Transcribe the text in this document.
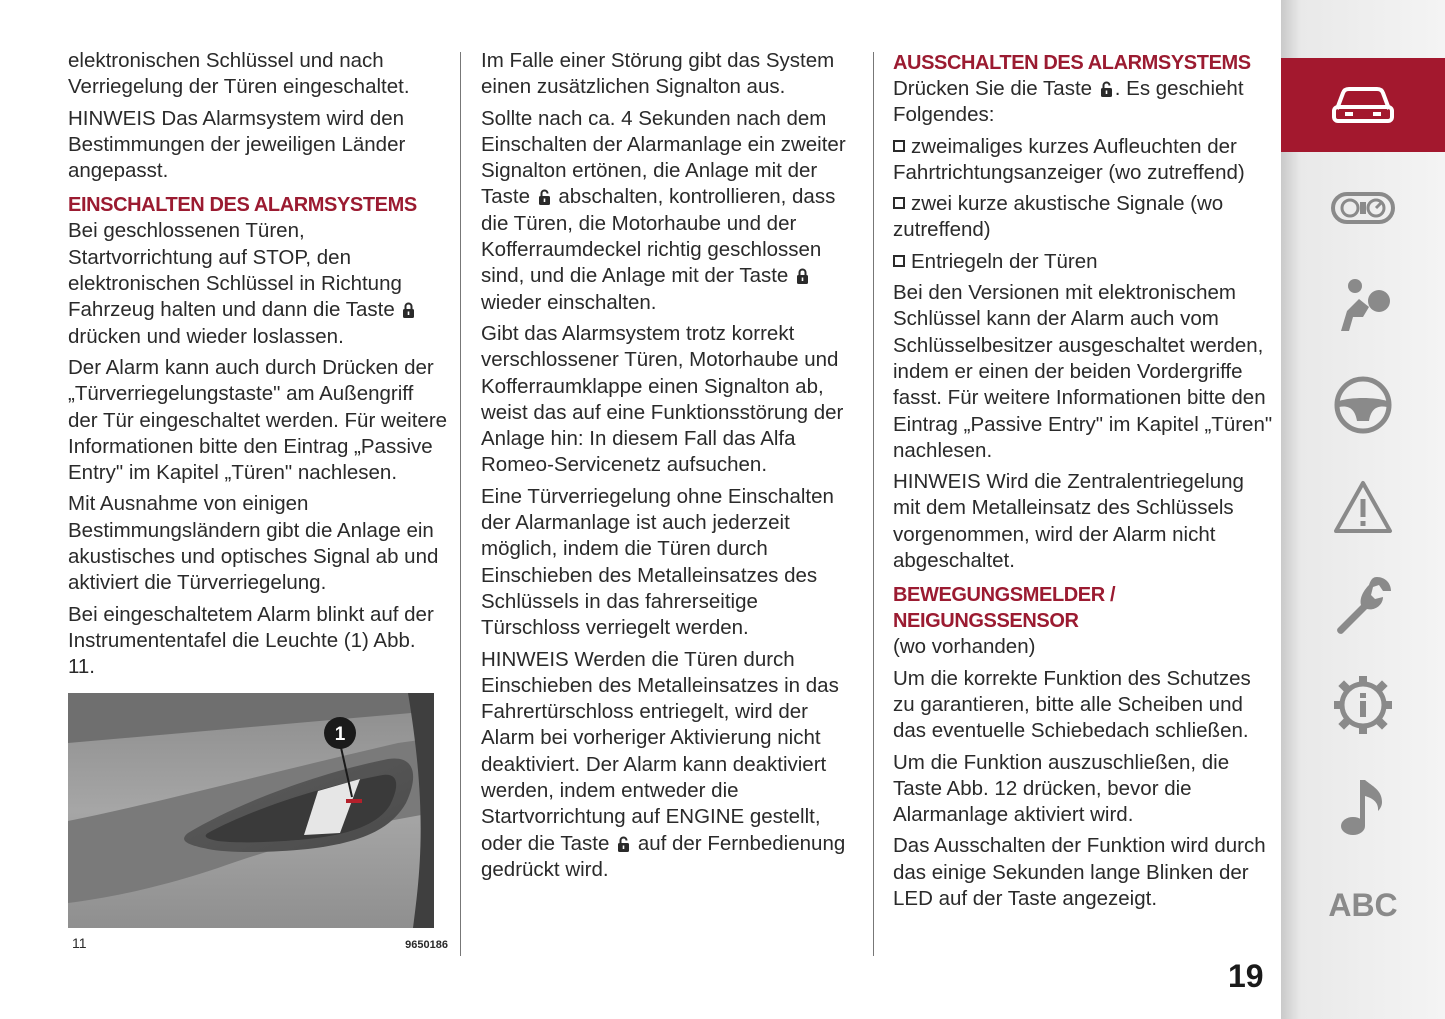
elektronischen Schlüssel und nach Verriegelung der Türen eingeschaltet.

HINWEIS Das Alarmsystem wird den Bestimmungen der jeweiligen Länder angepasst.

EINSCHALTEN DES ALARMSYSTEMS

Bei geschlossenen Türen, Startvorrichtung auf STOP, den elektronischen Schlüssel in Richtung Fahrzeug halten und dann die Taste  drücken und wieder loslassen.

Der Alarm kann auch durch Drücken der „Türverriegelungstaste" am Außengriff der Tür eingeschaltet werden. Für weitere Informationen bitte den Eintrag „Passive Entry" im Kapitel „Türen" nachlesen.

Mit Ausnahme von einigen Bestimmungsländern gibt die Anlage ein akustisches und optisches Signal ab und aktiviert die Türverriegelung.

Bei eingeschaltetem Alarm blinkt auf der Instrumententafel die Leuchte (1) Abb. 11.

1
11	9650186

Im Falle einer Störung gibt das System einen zusätzlichen Signalton aus.

Sollte nach ca. 4 Sekunden nach dem Einschalten der Alarmanlage ein zweiter Signalton ertönen, die Anlage mit der Taste abschalten, kontrollieren, dass die Türen, die Motorhaube und der Kofferraumdeckel richtig geschlossen sind, und die Anlage mit der Taste  wieder einschalten.

Gibt das Alarmsystem trotz korrekt verschlossener Türen, Motorhaube und Kofferraumklappe einen Signalton ab, weist das auf eine Funktionsstörung der Anlage hin: In diesem Fall das Alfa Romeo-Servicenetz aufsuchen.

Eine Türverriegelung ohne Einschalten der Alarmanlage ist auch jederzeit möglich, indem die Türen durch Einschieben des Metalleinsatzes des Schlüssels in das fahrerseitige Türschloss verriegelt werden.

HINWEIS Werden die Türen durch Einschieben des Metalleinsatzes in das Fahrertürschloss entriegelt, wird der Alarm bei vorheriger Aktivierung nicht deaktiviert. Der Alarm kann deaktiviert werden, indem entweder die Startvorrichtung auf ENGINE gestellt, oder die Taste auf der Fernbedienung gedrückt wird.

AUSSCHALTEN DES ALARMSYSTEMS

Drücken Sie die Taste . Es geschieht Folgendes:

zweimaliges kurzes Aufleuchten der Fahrtrichtungsanzeiger (wo zutreffend)

zwei kurze akustische Signale (wo zutreffend)

Entriegeln der Türen

Bei den Versionen mit elektronischem Schlüssel kann der Alarm auch vom Schlüsselbesitzer ausgeschaltet werden, indem er einen der beiden Vordergriffe fasst. Für weitere Informationen bitte den Eintrag „Passive Entry" im Kapitel „Türen" nachlesen.

HINWEIS Wird die Zentralentriegelung mit dem Metalleinsatz des Schlüssels vorgenommen, wird der Alarm nicht abgeschaltet.

BEWEGUNGSMELDER /
NEIGUNGSSENSOR

(wo vorhanden)

Um die korrekte Funktion des Schutzes zu garantieren, bitte alle Scheiben und das eventuelle Schiebedach schließen.

Um die Funktion auszuschließen, die Taste Abb. 12 drücken, bevor die Alarmanlage aktiviert wird.

Das Ausschalten der Funktion wird durch das einige Sekunden lange Blinken der LED auf der Taste angezeigt.	ABC
19
